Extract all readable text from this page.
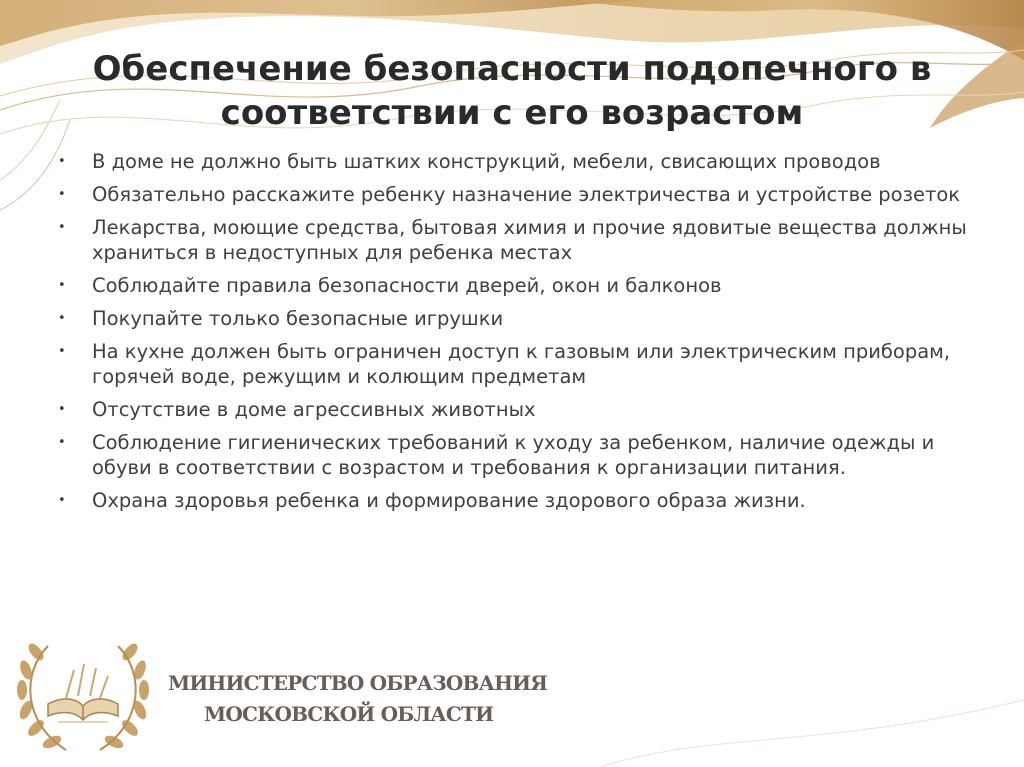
Обеспечение безопасности подопечного в соответствии с его возрастом
• В доме не должно быть шатких конструкций, мебели, свисающих проводов
• Обязательно расскажите ребенку назначение электричества и устройстве розеток
• Лекарства, моющие средства, бытовая химия и прочие ядовитые вещества должны храниться в недоступных для ребенка местах
• Соблюдайте правила безопасности дверей, окон и балконов
• Покупайте только безопасные игрушки
• На кухне должен быть ограничен доступ к газовым или электрическим приборам, горячей воде, режущим и колющим предметам
• Отсутствие в доме агрессивных животных
• Соблюдение гигиенических требований к уходу за ребенком, наличие одежды и обуви в соответствии с возрастом и требования к организации питания.
• Охрана здоровья ребенка и формирование здорового образа жизни.
МИНИСТЕРСТВО ОБРАЗОВАНИЯ
МОСКОВСКОЙ ОБЛАСТИ
